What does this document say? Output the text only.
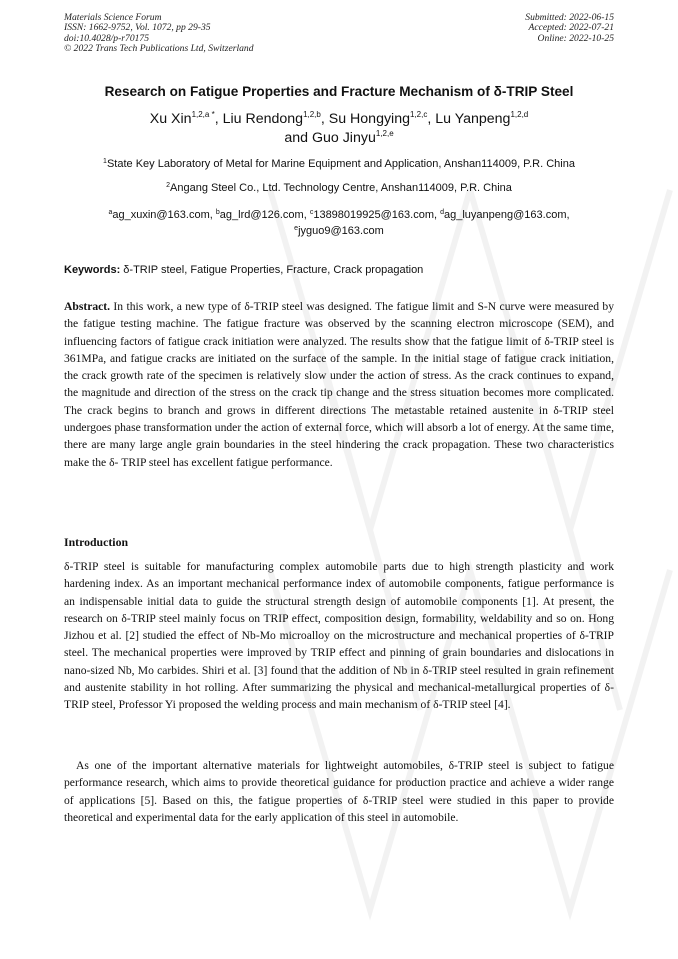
Materials Science Forum
ISSN: 1662-9752, Vol. 1072, pp 29-35
doi:10.4028/p-r70175
© 2022 Trans Tech Publications Ltd, Switzerland
Submitted: 2022-06-15
Accepted: 2022-07-21
Online: 2022-10-25
Research on Fatigue Properties and Fracture Mechanism of δ-TRIP Steel
Xu Xin$^{1,2,a *}$, Liu Rendong$^{1,2,b}$, Su Hongying$^{1,2,c}$, Lu Yanpeng$^{1,2,d}$
and Guo Jinyu$^{1,2,e}$
$^1$State Key Laboratory of Metal for Marine Equipment and Application, Anshan114009, P.R. China
$^2$Angang Steel Co., Ltd. Technology Centre, Anshan114009, P.R. China
$^a$ag_xuxin@163.com, $^b$ag_lrd@126.com, $^c$13898019925@163.com, $^d$ag_luyanpeng@163.com,
$^e$jyguo9@163.com
Keywords: δ-TRIP steel, Fatigue Properties, Fracture, Crack propagation
Abstract. In this work, a new type of δ-TRIP steel was designed. The fatigue limit and S-N curve were measured by the fatigue testing machine. The fatigue fracture was observed by the scanning electron microscope (SEM), and influencing factors of fatigue crack initiation were analyzed. The results show that the fatigue limit of δ-TRIP steel is 361MPa, and fatigue cracks are initiated on the surface of the sample. In the initial stage of fatigue crack initiation, the crack growth rate of the specimen is relatively slow under the action of stress. As the crack continues to expand, the magnitude and direction of the stress on the crack tip change and the stress situation becomes more complicated. The crack begins to branch and grows in different directions The metastable retained austenite in δ-TRIP steel undergoes phase transformation under the action of external force, which will absorb a lot of energy. At the same time, there are many large angle grain boundaries in the steel hindering the crack propagation. These two characteristics make the δ- TRIP steel has excellent fatigue performance.
Introduction
δ-TRIP steel is suitable for manufacturing complex automobile parts due to high strength plasticity and work hardening index. As an important mechanical performance index of automobile components, fatigue performance is an indispensable initial data to guide the structural strength design of automobile components [1]. At present, the research on δ-TRIP steel mainly focus on TRIP effect, composition design, formability, weldability and so on. Hong Jizhou et al. [2] studied the effect of Nb-Mo microalloy on the microstructure and mechanical properties of δ-TRIP steel. The mechanical properties were improved by TRIP effect and pinning of grain boundaries and dislocations in nano-sized Nb, Mo carbides. Shiri et al. [3] found that the addition of Nb in δ-TRIP steel resulted in grain refinement and austenite stability in hot rolling. After summarizing the physical and mechanical-metallurgical properties of δ-TRIP steel, Professor Yi proposed the welding process and main mechanism of δ-TRIP steel [4].
As one of the important alternative materials for lightweight automobiles, δ-TRIP steel is subject to fatigue performance research, which aims to provide theoretical guidance for production practice and achieve a wider range of applications [5]. Based on this, the fatigue properties of δ-TRIP steel were studied in this paper to provide theoretical and experimental data for the early application of this steel in automobile.
